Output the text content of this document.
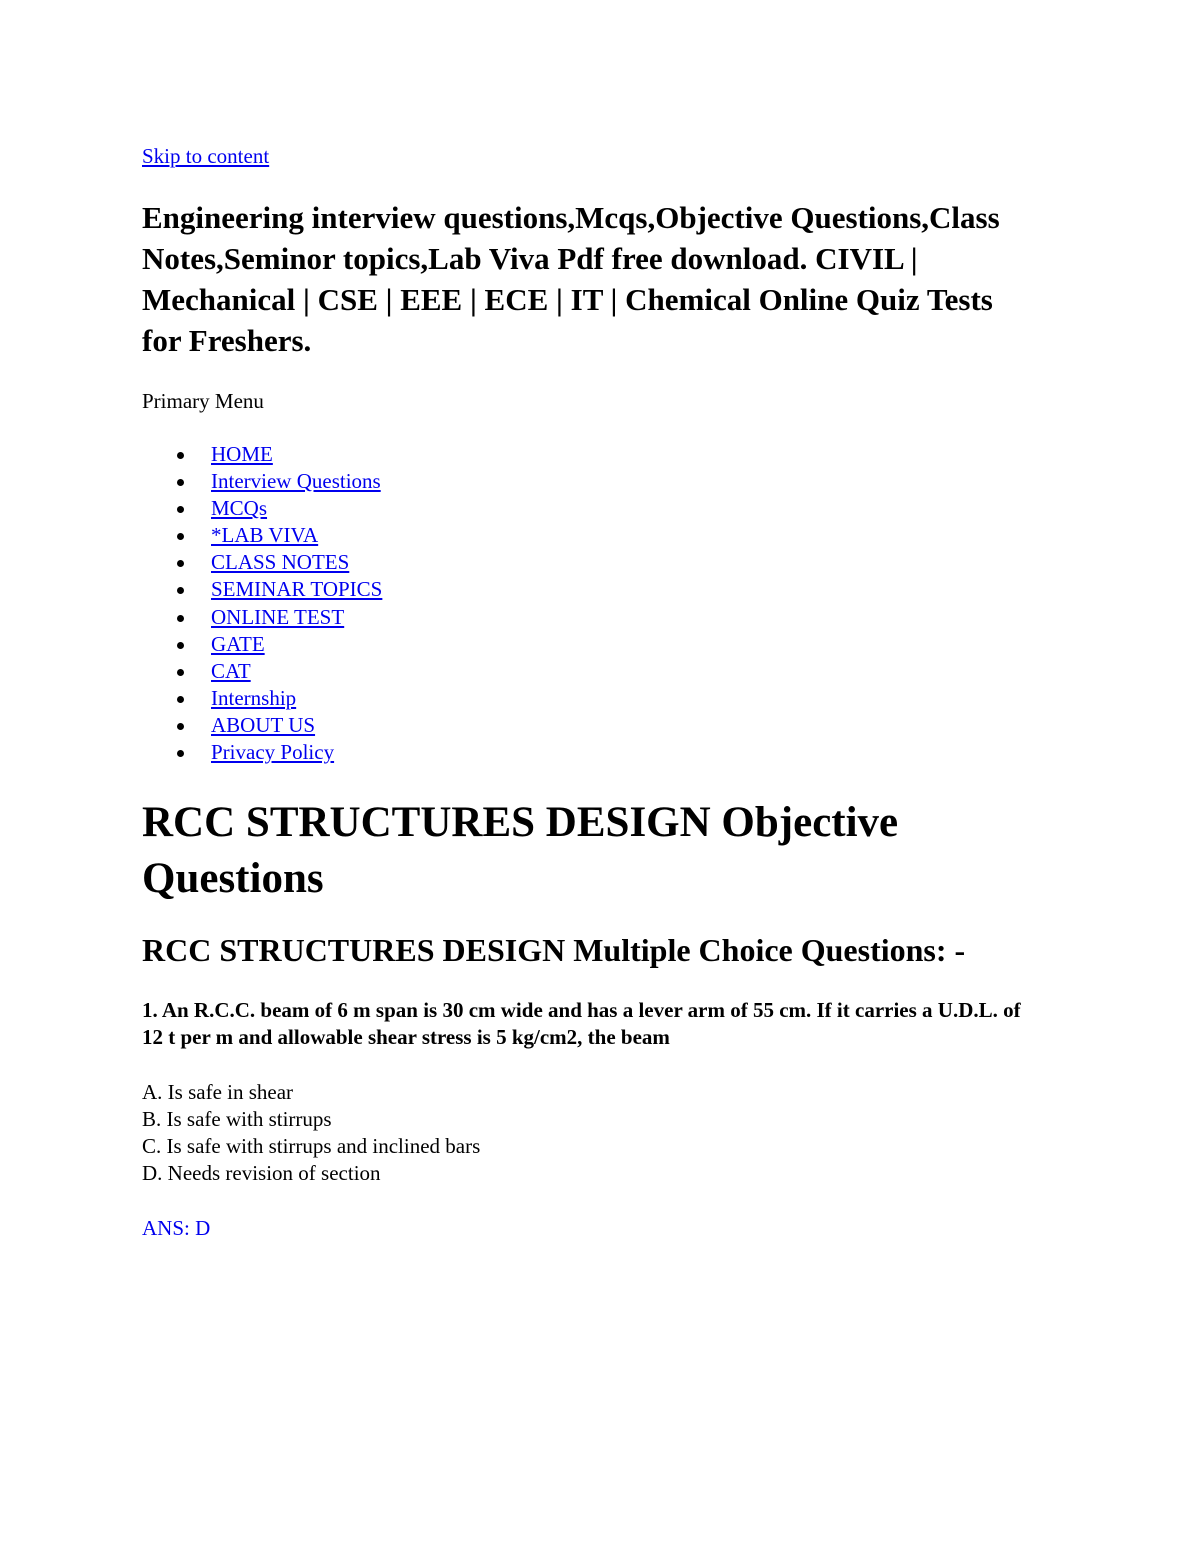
Skip to content
Engineering interview questions,Mcqs,Objective Questions,Class Notes,Seminor topics,Lab Viva Pdf free download. CIVIL | Mechanical | CSE | EEE | ECE | IT | Chemical Online Quiz Tests for Freshers.
Primary Menu
HOME
Interview Questions
MCQs
*LAB VIVA
CLASS NOTES
SEMINAR TOPICS
ONLINE TEST
GATE
CAT
Internship
ABOUT US
Privacy Policy
RCC STRUCTURES DESIGN Objective Questions
RCC STRUCTURES DESIGN Multiple Choice Questions: -

1. An R.C.C. beam of 6 m span is 30 cm wide and has a lever arm of 55 cm. If it carries a U.D.L. of 12 t per m and allowable shear stress is 5 kg/cm2, the beam

A. Is safe in shear
B. Is safe with stirrups
C. Is safe with stirrups and inclined bars
D. Needs revision of section
ANS: D
